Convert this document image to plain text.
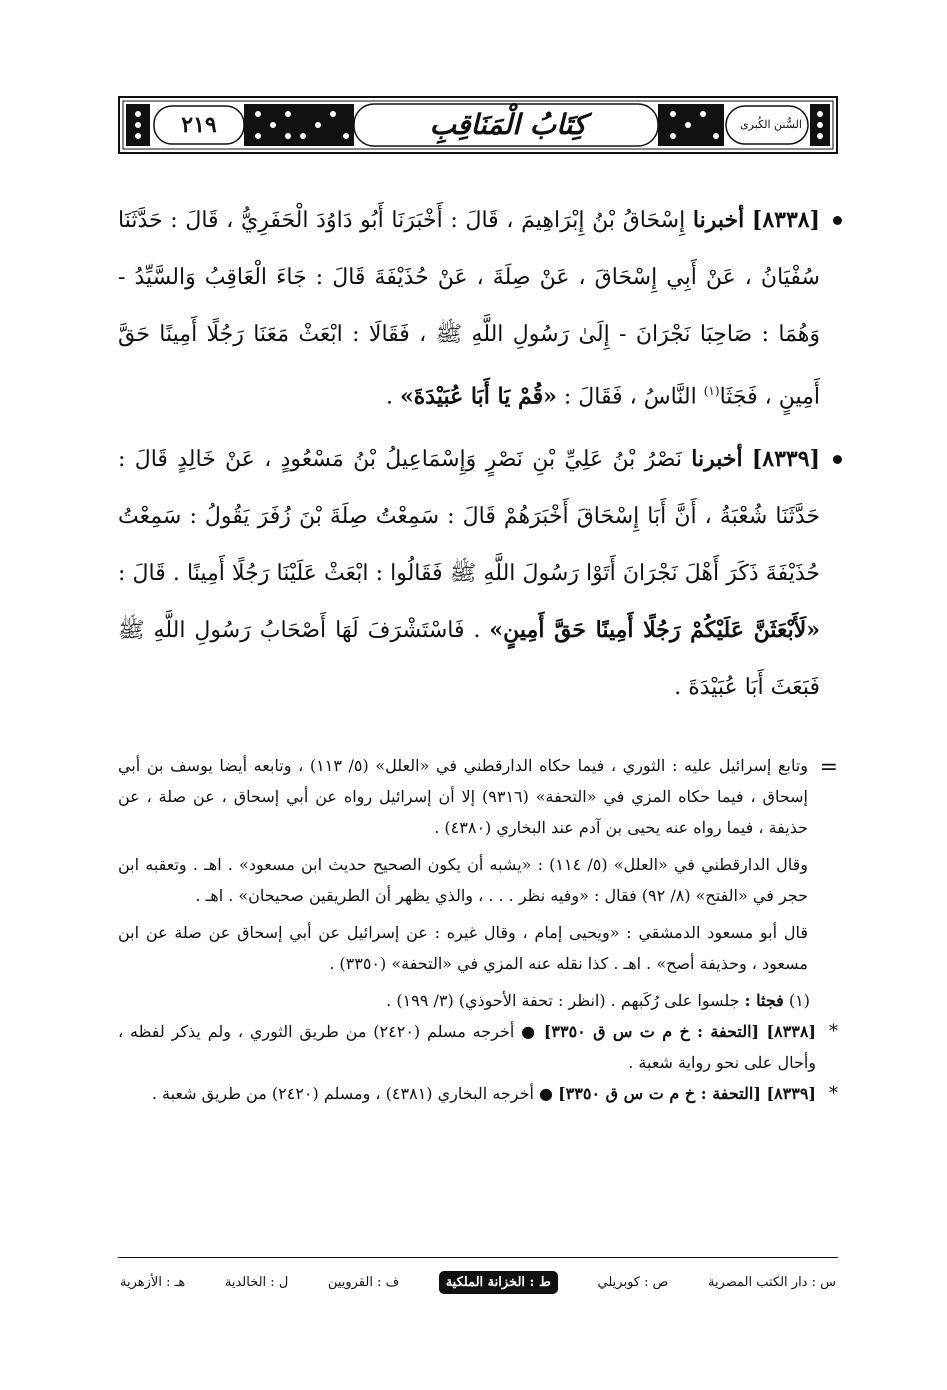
٢١٩	كِتَابُ الْمَنَاقِبِ	السُّنن الكُبرى
[٨٣٣٨] أخبرنا إِسْحَاقُ بْنُ إِبْرَاهِيمَ ، قَالَ : أَخْبَرَنَا أَبُو دَاوُدَ الْحَفَرِيُّ ، قَالَ : حَدَّثَنَا سُفْيَانُ ، عَنْ أَبِي إِسْحَاقَ ، عَنْ صِلَةَ ، عَنْ حُذَيْفَةَ قَالَ : جَاءَ الْعَاقِبُ وَالسَّيِّدُ - وَهُمَا : صَاحِبَا نَجْرَانَ - إِلَىٰ رَسُولِ اللَّهِ ﷺ ، فَقَالَا : ابْعَثْ مَعَنَا رَجُلًا أَمِينًا حَقَّ أَمِينٍ ، فَجَثَا$^{(١)}$ النَّاسُ ، فَقَالَ : «قُمْ يَا أَبَا عُبَيْدَةَ» .
[٨٣٣٩] أخبرنا نَصْرُ بْنُ عَلِيِّ بْنِ نَصْرٍ وَإِسْمَاعِيلُ بْنُ مَسْعُودٍ ، عَنْ خَالِدٍ قَالَ : حَدَّثَنَا شُعْبَةُ ، أَنَّ أَبَا إِسْحَاقَ أَخْبَرَهُمْ قَالَ : سَمِعْتُ صِلَةَ بْنَ زُفَرَ يَقُولُ : سَمِعْتُ حُذَيْفَةَ ذَكَرَ أَهْلَ نَجْرَانَ أَتَوْا رَسُولَ اللَّهِ ﷺ فَقَالُوا : ابْعَثْ عَلَيْنَا رَجُلًا أَمِينًا . قَالَ : «لَأَبْعَثَنَّ عَلَيْكُمْ رَجُلًا أَمِينًا حَقَّ أَمِينٍ» . فَاسْتَشْرَفَ لَهَا أَصْحَابُ رَسُولِ اللَّهِ ﷺ فَبَعَثَ أَبَا عُبَيْدَةَ .
=

وتابع إسرائيل عليه : الثوري ، فيما حكاه الدارقطني في «العلل» (٥/ ١١٣) ، وتابعه أيضا يوسف بن أبي إسحاق ، فيما حكاه المزي في «التحفة» (٩٣١٦) إلا أن إسرائيل رواه عن أبي إسحاق ، عن صلة ، عن حذيفة ، فيما رواه عنه يحيى بن آدم عند البخاري (٤٣٨٠) .

وقال الدارقطني في «العلل» (٥/ ١١٤) : «يشبه أن يكون الصحيح حديث ابن مسعود» . اهـ . وتعقبه ابن حجر في «الفتح» (٨/ ٩٢) فقال : «وفيه نظر . . . ، والذي يظهر أن الطريقين صحيحان» . اهـ .

قال أبو مسعود الدمشقي : «ويحيى إمام ، وقال غيره : عن إسرائيل عن أبي إسحاق عن صلة عن ابن مسعود ، وحذيفة أصح» . اهـ . كذا نقله عنه المزي في «التحفة» (٣٣٥٠) .

(١) فجثا : جلسوا على رُكَبهم . (انظر : تحفة الأحوذي) (٣/ ١٩٩) .

*
[٨٣٣٨] [التحفة : خ م ت س ق ٣٣٥٠] ● أخرجه مسلم (٢٤٢٠) من طريق الثوري ، ولم يذكر لفظه ، وأحال على نحو رواية شعبة .

*
[٨٣٣٩] [التحفة : خ م ت س ق ٣٣٥٠] ● أخرجه البخاري (٤٣٨١) ، ومسلم (٢٤٢٠) من طريق شعبة .

س : دار الكتب المصرية
ص : كوبريلي
ط : الخزانة الملكية
ف : القرويين
ل : الخالدية
هـ : الأزهرية
